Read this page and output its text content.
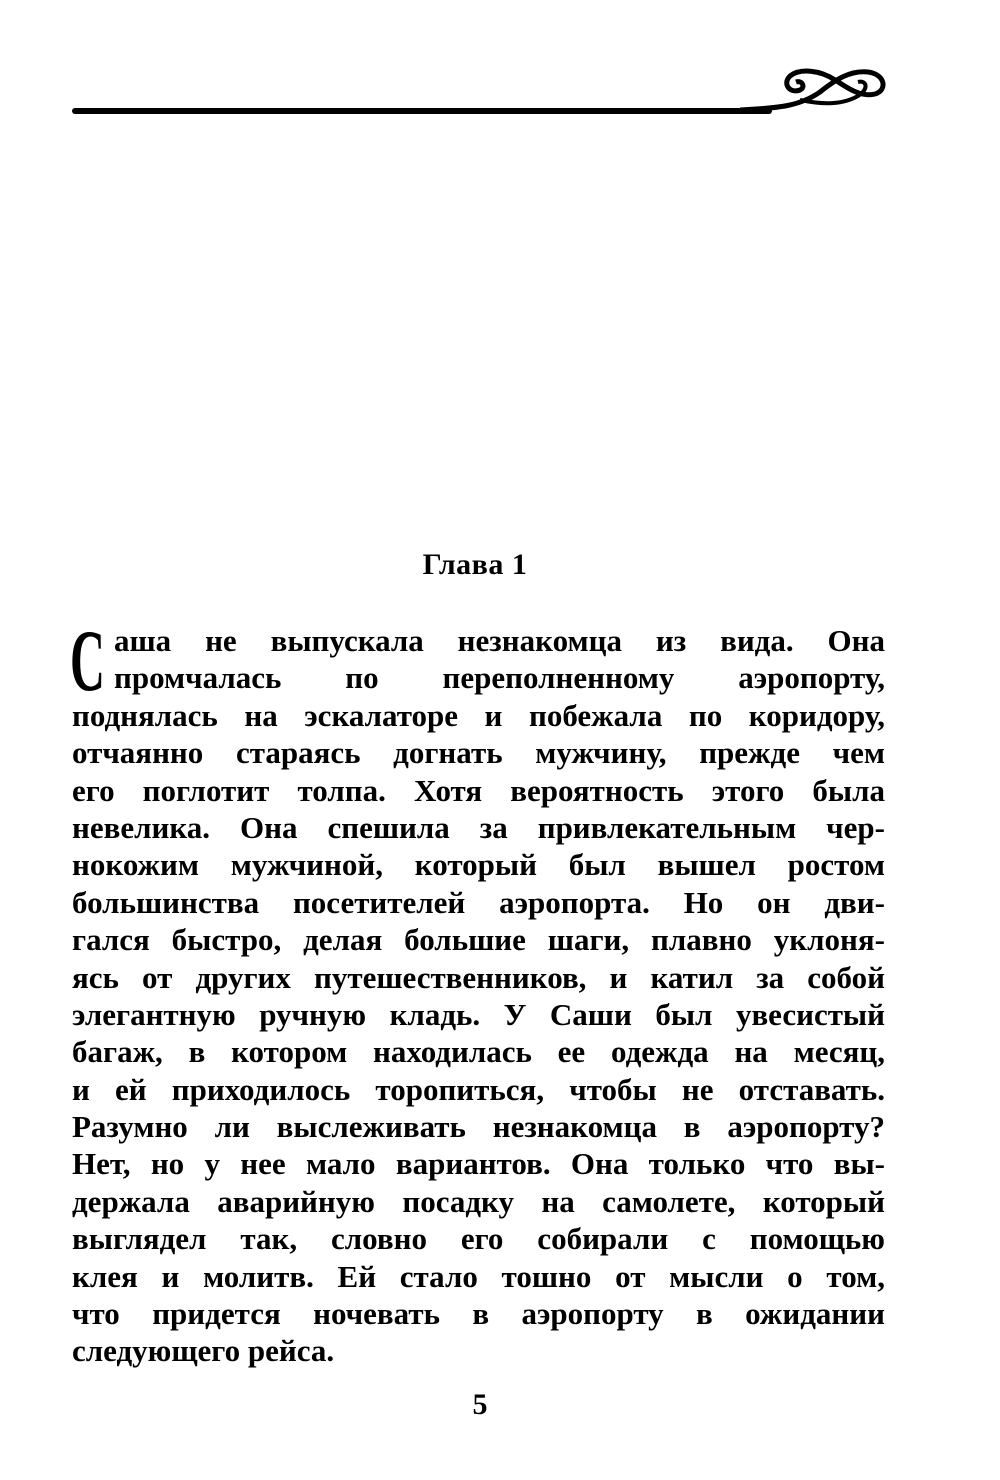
Глава 1
С аша не выпускала незнакомца из вида. Она
промчалась по переполненному аэропорту,
поднялась на эскалаторе и побежала по коридору,
отчаянно стараясь догнать мужчину, прежде чем
его поглотит толпа. Хотя вероятность этого была
невелика. Она спешила за привлекательным чер-
нокожим мужчиной, который был вышел ростом
большинства посетителей аэропорта. Но он дви-
гался быстро, делая большие шаги, плавно уклоня-
ясь от других путешественников, и катил за собой
элегантную ручную кладь. У Саши был увесистый
багаж, в котором находилась ее одежда на месяц,
и ей приходилось торопиться, чтобы не отставать.
Разумно ли выслеживать незнакомца в аэропорту?
Нет, но у нее мало вариантов. Она только что вы-
держала аварийную посадку на самолете, который
выглядел так, словно его собирали с помощью
клея и молитв. Ей стало тошно от мысли о том,
что придется ночевать в аэропорту в ожидании
следующего рейса.
5
